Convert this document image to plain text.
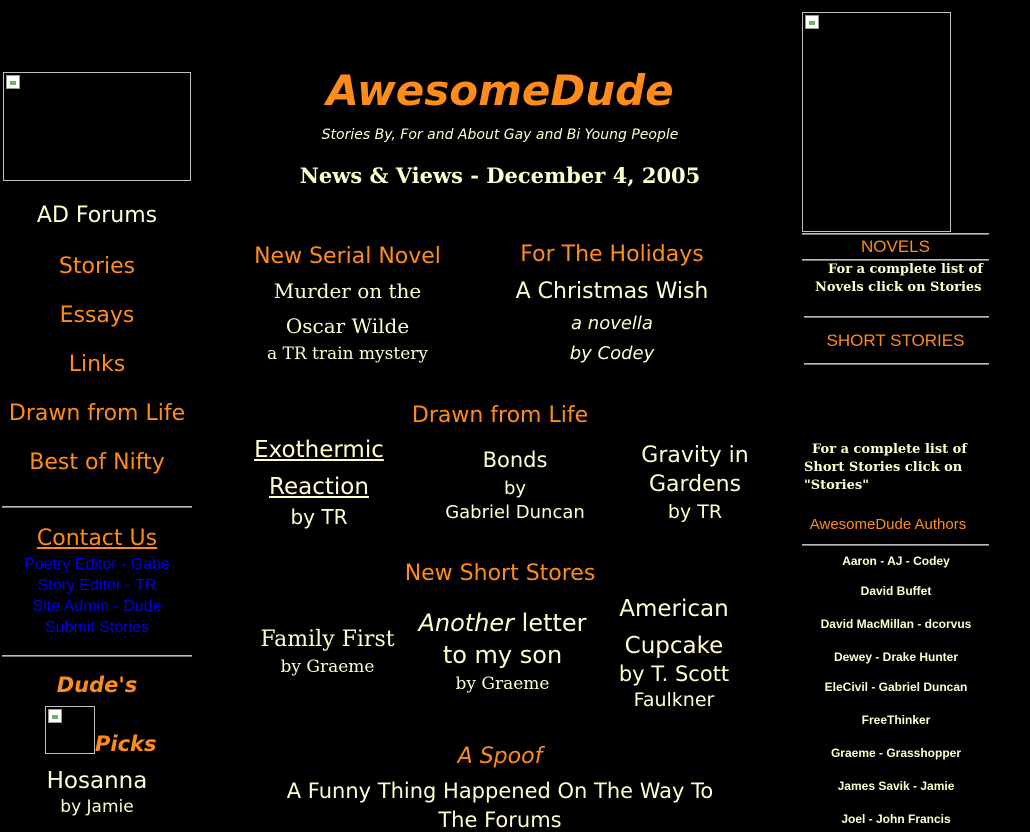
AD Forums
Stories
Essays
Links
Drawn from Life
Best of Nifty
Contact Us
Poetry Editor - Gabe
Story Editor - TR
Site Admin - Dude
Submit Stories
Dude's
Picks
Hosanna
by Jamie
AwesomeDude
Stories By, For and About Gay and Bi Young People
News & Views - December 4, 2005
New Serial Novel
Murder on the
Oscar Wilde
a TR train mystery
For The Holidays
A Christmas Wish
a novella
by Codey
Drawn from Life
Exothermic
Reaction
by TR
Bonds
by
Gabriel Duncan
Gravity in
Gardens
by TR
New Short Stores
Family First
by Graeme
Another letter
to my son
by Graeme
American
Cupcake
by T. Scott
Faulkner
A Spoof
A Funny Thing Happened On The Way To
The Forums
NOVELS
For a complete list of
Novels click on Stories
SHORT STORIES
For a complete list of
Short Stories click on
"Stories"
AwesomeDude Authors
Aaron - AJ - Codey
David Buffet
David MacMillan - dcorvus
Dewey - Drake Hunter
EleCivil - Gabriel Duncan
FreeThinker
Graeme - Grasshopper
James Savik - Jamie
Joel - John Francis
